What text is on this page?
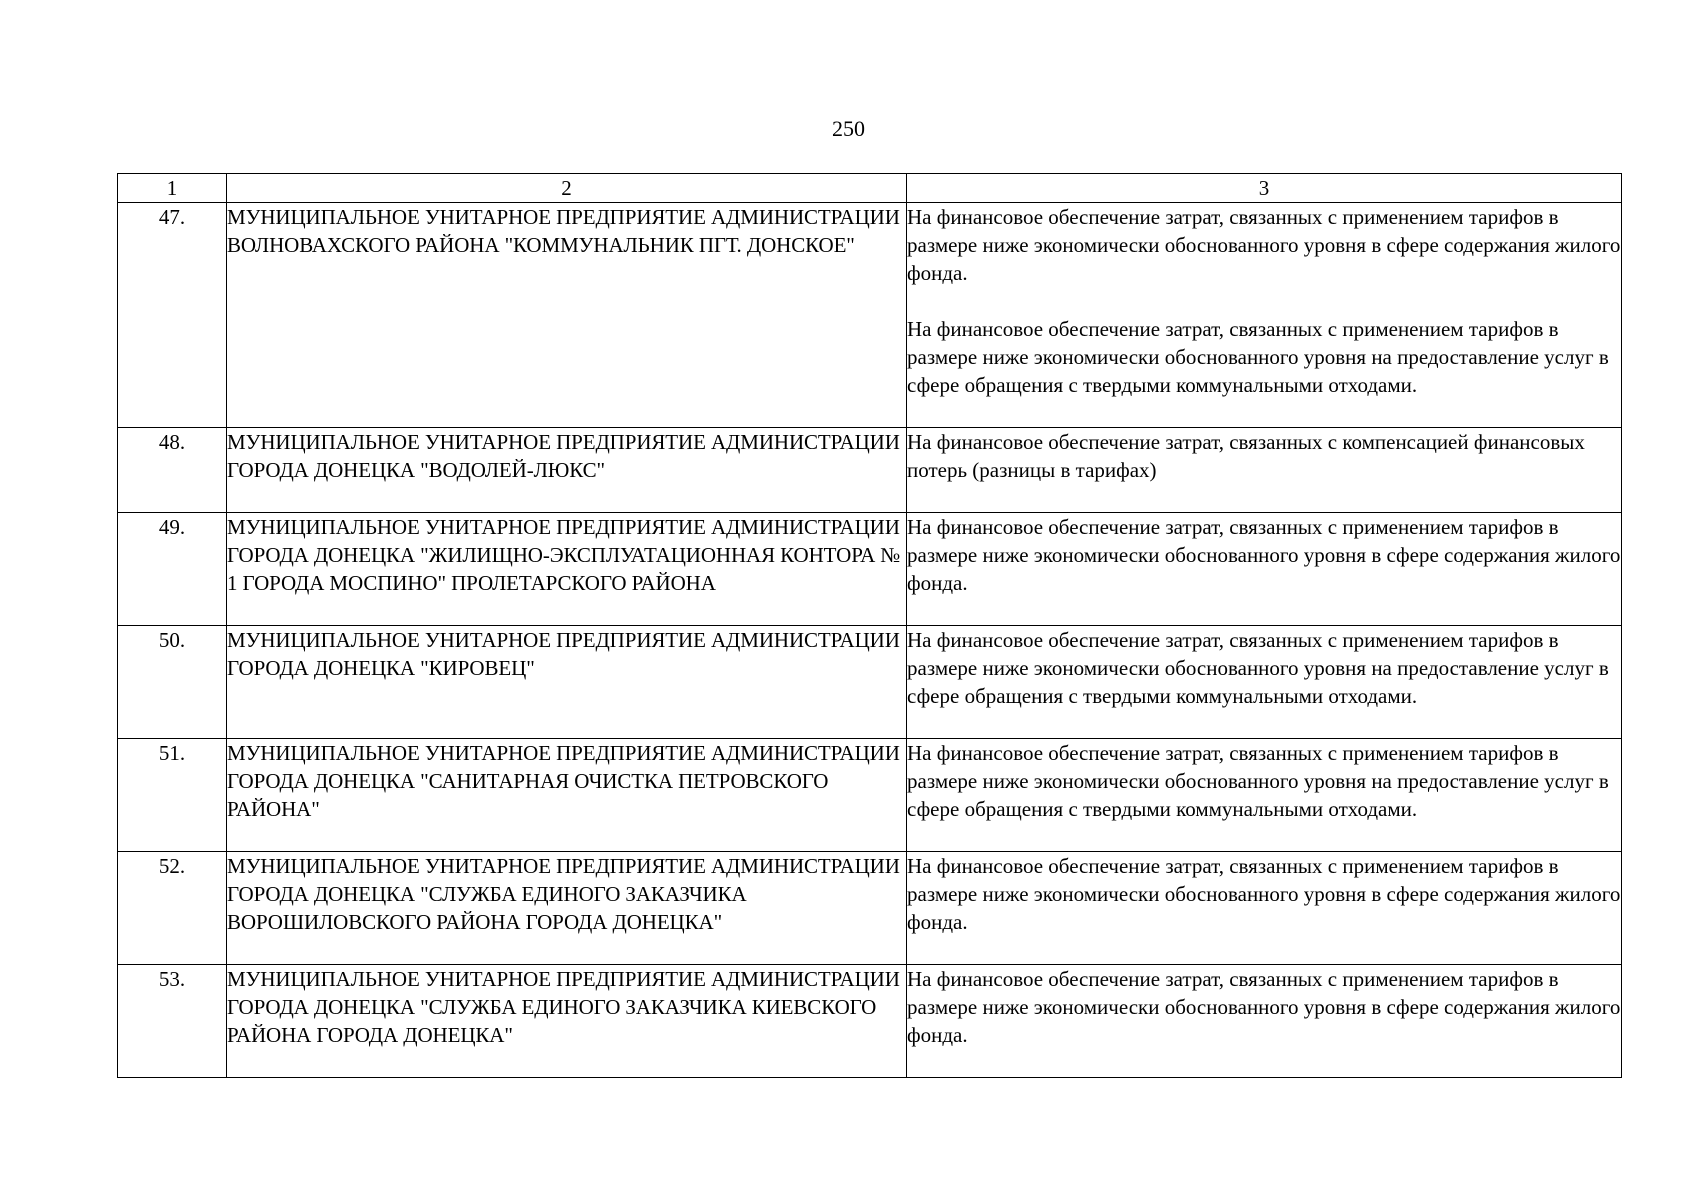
250
1	2	3
47.	МУНИЦИПАЛЬНОЕ УНИТАРНОЕ ПРЕДПРИЯТИЕ АДМИНИСТРАЦИИ ВОЛНОВАХСКОГО РАЙОНА "КОММУНАЛЬНИК ПГТ. ДОНСКОЕ"	На финансовое обеспечение затрат, связанных с применением тарифов в размере ниже экономически обоснованного уровня в сфере содержания жилого фонда.

На финансовое обеспечение затрат, связанных с применением тарифов в размере ниже экономически обоснованного уровня на предоставление услуг в сфере обращения с твердыми коммунальными отходами.

48.	МУНИЦИПАЛЬНОЕ УНИТАРНОЕ ПРЕДПРИЯТИЕ АДМИНИСТРАЦИИ ГОРОДА ДОНЕЦКА "ВОДОЛЕЙ-ЛЮКС"	На финансовое обеспечение затрат, связанных с компенсацией финансовых потерь (разницы в тарифах)

49.	МУНИЦИПАЛЬНОЕ УНИТАРНОЕ ПРЕДПРИЯТИЕ АДМИНИСТРАЦИИ ГОРОДА ДОНЕЦКА "ЖИЛИЩНО-ЭКСПЛУАТАЦИОННАЯ КОНТОРА № 1 ГОРОДА МОСПИНО" ПРОЛЕТАРСКОГО РАЙОНА	На финансовое обеспечение затрат, связанных с применением тарифов в размере ниже экономически обоснованного уровня в сфере содержания жилого фонда.

50.	МУНИЦИПАЛЬНОЕ УНИТАРНОЕ ПРЕДПРИЯТИЕ АДМИНИСТРАЦИИ ГОРОДА ДОНЕЦКА "КИРОВЕЦ"	На финансовое обеспечение затрат, связанных с применением тарифов в размере ниже экономически обоснованного уровня на предоставление услуг в сфере обращения с твердыми коммунальными отходами.

51.	МУНИЦИПАЛЬНОЕ УНИТАРНОЕ ПРЕДПРИЯТИЕ АДМИНИСТРАЦИИ ГОРОДА ДОНЕЦКА "САНИТАРНАЯ ОЧИСТКА ПЕТРОВСКОГО РАЙОНА"	На финансовое обеспечение затрат, связанных с применением тарифов в размере ниже экономически обоснованного уровня на предоставление услуг в сфере обращения с твердыми коммунальными отходами.

52.	МУНИЦИПАЛЬНОЕ УНИТАРНОЕ ПРЕДПРИЯТИЕ АДМИНИСТРАЦИИ ГОРОДА ДОНЕЦКА "СЛУЖБА ЕДИНОГО ЗАКАЗЧИКА ВОРОШИЛОВСКОГО РАЙОНА ГОРОДА ДОНЕЦКА"	На финансовое обеспечение затрат, связанных с применением тарифов в размере ниже экономически обоснованного уровня в сфере содержания жилого фонда.

53.	МУНИЦИПАЛЬНОЕ УНИТАРНОЕ ПРЕДПРИЯТИЕ АДМИНИСТРАЦИИ ГОРОДА ДОНЕЦКА "СЛУЖБА ЕДИНОГО ЗАКАЗЧИКА КИЕВСКОГО РАЙОНА ГОРОДА ДОНЕЦКА"	На финансовое обеспечение затрат, связанных с применением тарифов в размере ниже экономически обоснованного уровня в сфере содержания жилого фонда.
